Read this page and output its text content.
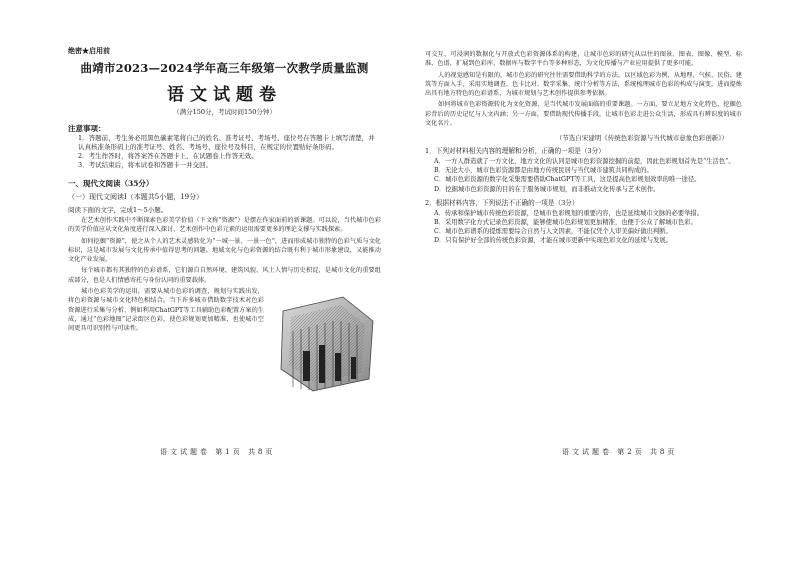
绝密★启用前
曲靖市2023—2024学年高三年级第一次教学质量监测
语文试题卷
（满分150分，考试时间150分钟）
注意事项：
1．答题前，考生务必用黑色碳素笔将自己的姓名、准考证号、考场号、座位号在答题卡上填写清楚，并认真核准条形码上的准考证号、姓名、考场号、座位号及科目，在规定的位置贴好条形码。
2．考生作答时，将答案答在答题卡上，在试题卷上作答无效。
3．考试结束后，将本试卷和答题卡一并交回。
一、现代文阅读（35分）
（一）现代文阅读Ⅰ（本题共5小题，19分）
阅读下面的文字，完成1～5小题。
在艺术创作实践中不断探索色彩美学价值（下文称“资源”）是摆在作家面前的新课题。可以说，当代城市色彩的美学价值应从文化角度进行深入探讨，艺术创作中色彩元素的运用需要更多的理论支撑与实践探索。
如何挖掘“资源”，使之从个人的艺术灵感转化为“一城一景、一景一色”，进而形成城市独特的色彩气质与文化标识，这是城市发展与文化传承中值得思考的问题。地域文化与色彩资源的结合既有利于城市形象建设，又能推动文化产业发展。
每个城市都有其独特的色彩谱系，它们源自自然环境、建筑风貌、风土人情与历史积淀，是城市文化的重要组成部分，也是人们情感寄托与身份认同的重要载体。
城市色彩美学的运用，需要从城市色彩的调查、规划与实践出发，将色彩资源与城市文化特色相结合。当下许多城市借助数字技术对色彩资源进行采集与分析，例如利用ChatGPT等工具辅助色彩配置方案的生成，通过“色彩地图”记录街区色彩，使色彩规划更加精准，也使城市空间更具可识别性与可读性。
语文试题卷 第1页 共8页
可交互、可浸润的数据化与开放式色彩资源体系的构建，让城市色彩的研究从以往的图景、图表、图像、模型、标准、色谱，扩展到色彩库、数据库与数字平台等多种形态，为文化传播与产业应用提供了更多可能。
人的视觉感知是有限的，城市色彩的研究往往需要借助科学的方法。以区域色彩为例，从地理、气候、民俗、建筑等方面入手，采用实地调查、色卡比对、数字采集、统计分析等方法，系统梳理城市色彩的构成与演变，进而提炼出具有地方特色的色彩谱系，为城市规划与艺术创作提供参考依据。
如何将城市色彩资源转化为文化资源，是当代城市发展面临的重要课题。一方面，要立足地方文化特色，挖掘色彩背后的历史记忆与人文内涵；另一方面，要借助现代传播手段，让城市色彩走进公众生活，形成具有辨识度的城市文化名片。
（节选自宋建明《传统色彩资源与当代城市意象色彩创新》）
1．下列对材料相关内容的理解和分析，正确的一项是（3分）
A．一方人群造就了一方文化，地方文化的认同是城市色彩资源挖掘的前提，因此色彩规划首先是“生活色”。
B．无论大小，城市色彩资源都是由地方传统民居与当代城市建筑共同构成的。
C．城市色彩资源的数字化采集需要借助ChatGPT等工具，这是提高色彩规划效率的唯一途径。
D．挖掘城市色彩资源的目的在于服务城市规划，而非推动文化传承与艺术创作。
2．根据材料内容，下列说法不正确的一项是（3分）
A．传承和保护城市传统色彩资源，是城市色彩规划的重要内容，也是延续城市文脉的必要举措。
B．采用数字化方式记录色彩资源，能够使城市色彩规划更加精准，也便于公众了解城市色彩。
C．城市色彩谱系的提炼需要综合自然与人文因素，不能仅凭个人审美偏好做出判断。
D．只有保护好全部的传统色彩资源，才能在城市更新中实现色彩文化的延续与发展。
语文试题卷 第2页 共8页
